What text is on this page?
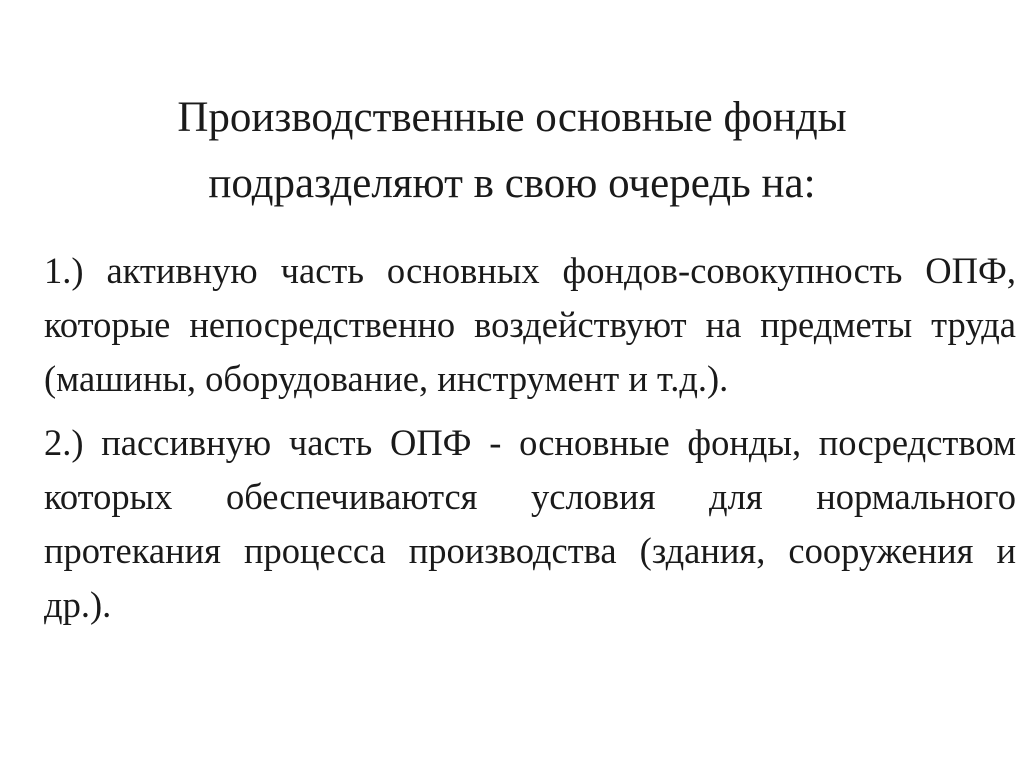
Производственные основные фонды
подразделяют в свою очередь на:

1.) активную часть основных фондов-совокупность ОПФ, которые непосредственно воздействуют на предметы труда (машины, оборудование, инструмент и т.д.).

2.) пассивную часть ОПФ - основные фонды, посредством которых обеспечиваются условия для нормального протекания процесса производства (здания, сооружения и др.).
